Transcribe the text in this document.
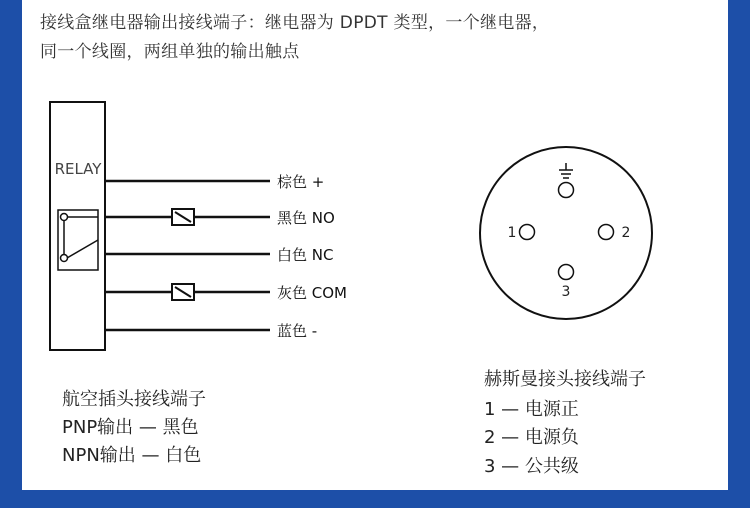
接线盒继电器输出接线端子：继电器为 DPDT 类型，一个继电器，
同一个线圈，两组单独的输出触点
RELAY
1	2
3
棕色 +
黑色 NO
白色 NC
灰色 COM
蓝色 -
航空插头接线端子
PNP输出 — 黑色
NPN输出 — 白色
赫斯曼接头接线端子
1 — 电源正
2 — 电源负
3 — 公共级
